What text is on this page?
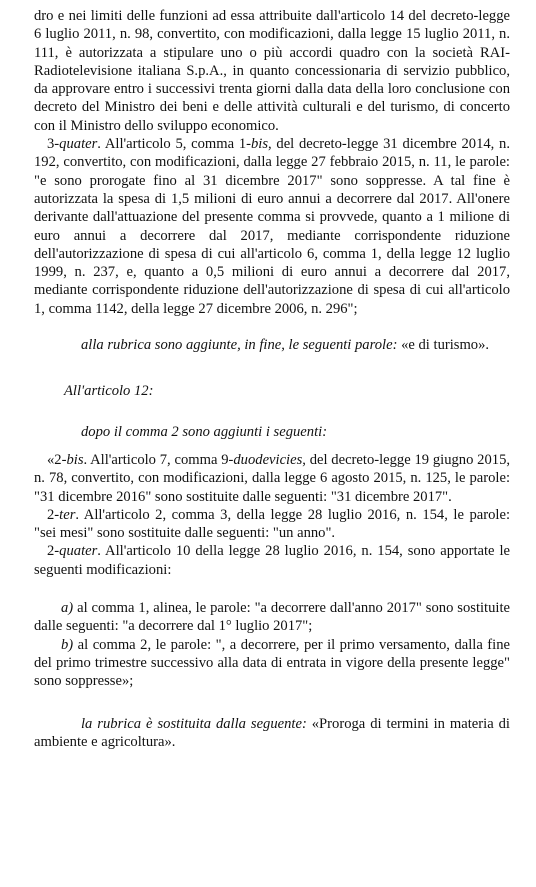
dro e nei limiti delle funzioni ad essa attribuite dall'articolo 14 del decreto-legge 6 luglio 2011, n. 98, convertito, con modificazioni, dalla legge 15 luglio 2011, n. 111, è autorizzata a stipulare uno o più accordi quadro con la società RAI-Radiotelevisione italiana S.p.A., in quanto concessionaria di servizio pubblico, da approvare entro i successivi trenta giorni dalla data della loro conclusione con decreto del Ministro dei beni e delle attività culturali e del turismo, di concerto con il Ministro dello sviluppo economico.

3-quater. All'articolo 5, comma 1-bis, del decreto-legge 31 dicembre 2014, n. 192, convertito, con modificazioni, dalla legge 27 febbraio 2015, n. 11, le parole: "e sono prorogate fino al 31 dicembre 2017" sono soppresse. A tal fine è autorizzata la spesa di 1,5 milioni di euro annui a decorrere dal 2017. All'onere derivante dall'attuazione del presente comma si provvede, quanto a 1 milione di euro annui a decorrere dal 2017, mediante corrispondente riduzione dell'autorizzazione di spesa di cui all'articolo 6, comma 1, della legge 12 luglio 1999, n. 237, e, quanto a 0,5 milioni di euro annui a decorrere dal 2017, mediante corrispondente riduzione dell'autorizzazione di spesa di cui all'articolo 1, comma 1142, della legge 27 dicembre 2006, n. 296";

alla rubrica sono aggiunte, in fine, le seguenti parole: «e di turismo».

All'articolo 12:

dopo il comma 2 sono aggiunti i seguenti:

«2-bis. All'articolo 7, comma 9-duodevicies, del decreto-legge 19 giugno 2015, n. 78, convertito, con modificazioni, dalla legge 6 agosto 2015, n. 125, le parole: "31 dicembre 2016" sono sostituite dalle seguenti: "31 dicembre 2017".

2-ter. All'articolo 2, comma 3, della legge 28 luglio 2016, n. 154, le parole: "sei mesi" sono sostituite dalle seguenti: "un anno".

2-quater. All'articolo 10 della legge 28 luglio 2016, n. 154, sono apportate le seguenti modificazioni:

a) al comma 1, alinea, le parole: "a decorrere dall'anno 2017" sono sostituite dalle seguenti: "a decorrere dal 1° luglio 2017";

b) al comma 2, le parole: ", a decorrere, per il primo versamento, dalla fine del primo trimestre successivo alla data di entrata in vigore della presente legge" sono soppresse»;

la rubrica è sostituita dalla seguente: «Proroga di termini in materia di ambiente e agricoltura».
